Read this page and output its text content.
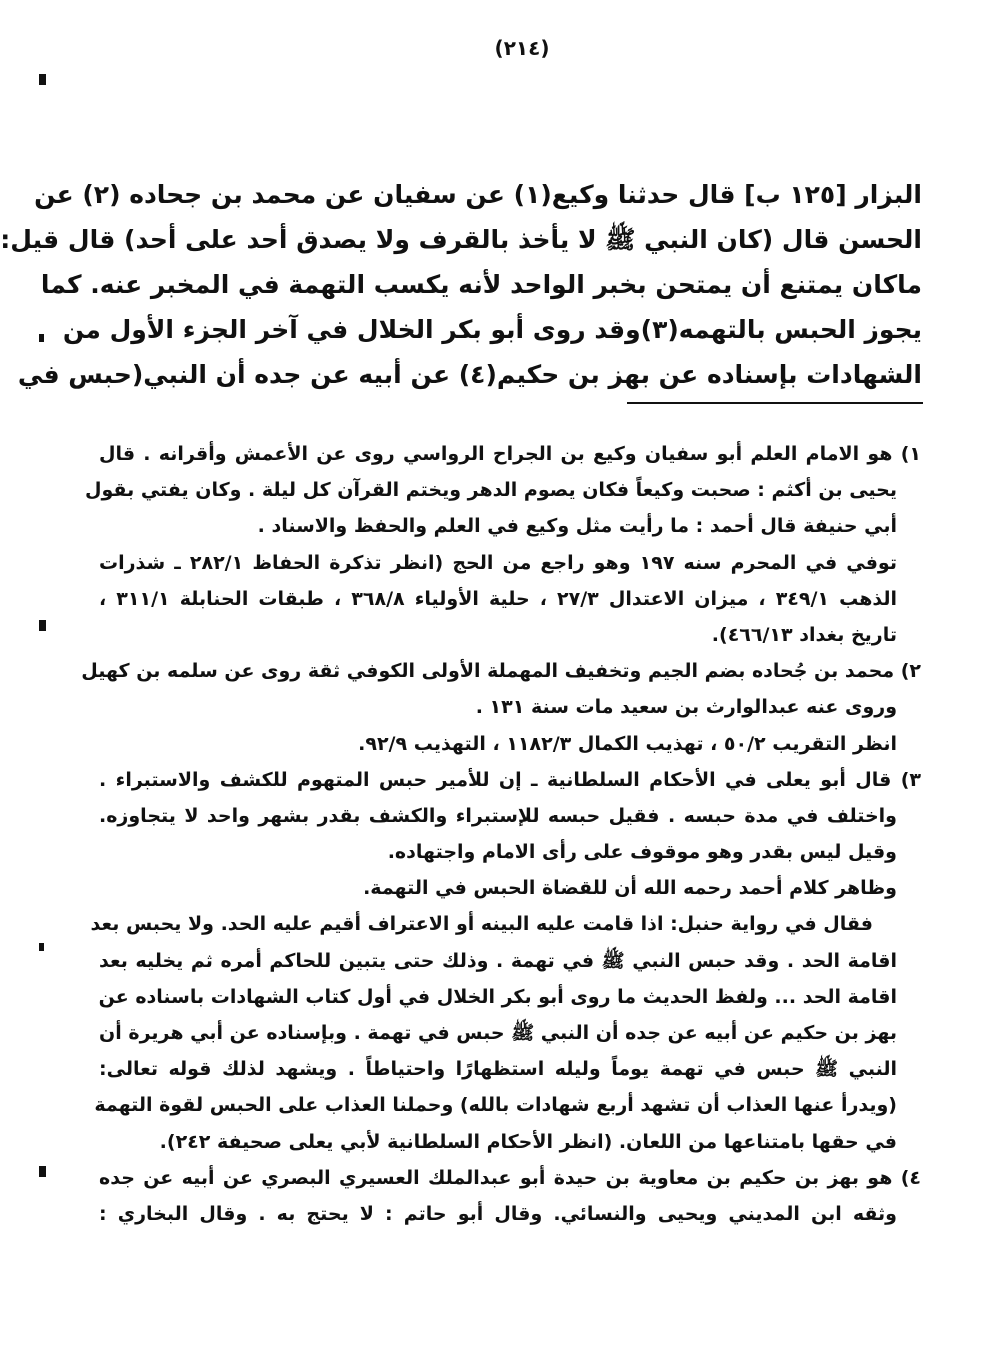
(٢١٤)
البزار [١٢٥ ب] قال حدثنا وكيع(١) عن سفيان عن محمد بن جحاده (٢) عن
الحسن قال (كان النبي ﷺ لا يأخذ بالقرف ولا يصدق أحد على أحد) قال قيل:
ماكان يمتنع أن يمتحن بخبر الواحد لأنه يكسب التهمة في المخبر عنه. كما
يجوز الحبس بالتهمه(٣)وقد روى أبو بكر الخلال في آخر الجزء الأول من
الشهادات بإسناده عن بهز بن حكيم(٤) عن أبيه عن جده أن النبي(حبس في
١) هو الامام العلم أبو سفيان وكيع بن الجراح الرواسي روى عن الأعمش وأقرانه . قال
يحيى بن أكثم : صحبت وكيعاً فكان يصوم الدهر ويختم القرآن كل ليلة . وكان يفتي بقول
أبي حنيفة قال أحمد : ما رأيت مثل وكيع في العلم والحفظ والاسناد .
توفي في المحرم سنه ١٩٧ وهو راجع من الحج (انظر تذكرة الحفاظ ٢٨٢/١ ـ شذرات
الذهب ٣٤٩/١ ، ميزان الاعتدال ٢٧/٣ ، حلية الأولياء ٣٦٨/٨ ، طبقات الحنابلة ٣١١/١ ،
تاريخ بغداد ٤٦٦/١٣).
٢) محمد بن جُحاده بضم الجيم وتخفيف المهملة الأولى الكوفي ثقة روى عن سلمه بن كهيل
وروى عنه عبدالوارث بن سعيد مات سنة ١٣١ .
انظر التقريب ٥٠/٢ ، تهذيب الكمال ١١٨٢/٣ ، التهذيب ٩٢/٩.
٣) قال أبو يعلى في الأحكام السلطانية ـ إن للأمير حبس المتهوم للكشف والاستبراء .
واختلف في مدة حبسه . فقيل حبسه للإستبراء والكشف بقدر بشهر واحد لا يتجاوزه.
وقيل ليس بقدر وهو موقوف على رأى الامام واجتهاده.
وظاهر كلام أحمد رحمه الله أن للقضاة الحبس في التهمة.
فقال في رواية حنبل: اذا قامت عليه البينه أو الاعتراف أقيم عليه الحد. ولا يحبس بعد
اقامة الحد . وقد حبس النبي ﷺ في تهمة . وذلك حتى يتبين للحاكم أمره ثم يخليه بعد
اقامة الحد ... ولفظ الحديث ما روى أبو بكر الخلال في أول كتاب الشهادات باسناده عن
بهز بن حكيم عن أبيه عن جده أن النبي ﷺ حبس في تهمة . وبإسناده عن أبي هريرة أن
النبي ﷺ حبس في تهمة يوماً وليله استظهارًا واحتياطاً . ويشهد لذلك قوله تعالى:
(ويدرأ عنها العذاب أن تشهد أربع شهادات بالله) وحملنا العذاب على الحبس لقوة التهمة
في حقها بامتناعها من اللعان. (انظر الأحكام السلطانية لأبي يعلى صحيفة ٢٤٢).
٤) هو بهز بن حكيم بن معاوية بن حيدة أبو عبدالملك العسيري البصري عن أبيه عن جده
وثقه ابن المديني ويحيى والنسائي. وقال أبو حاتم : لا يحتج به . وقال البخاري :
